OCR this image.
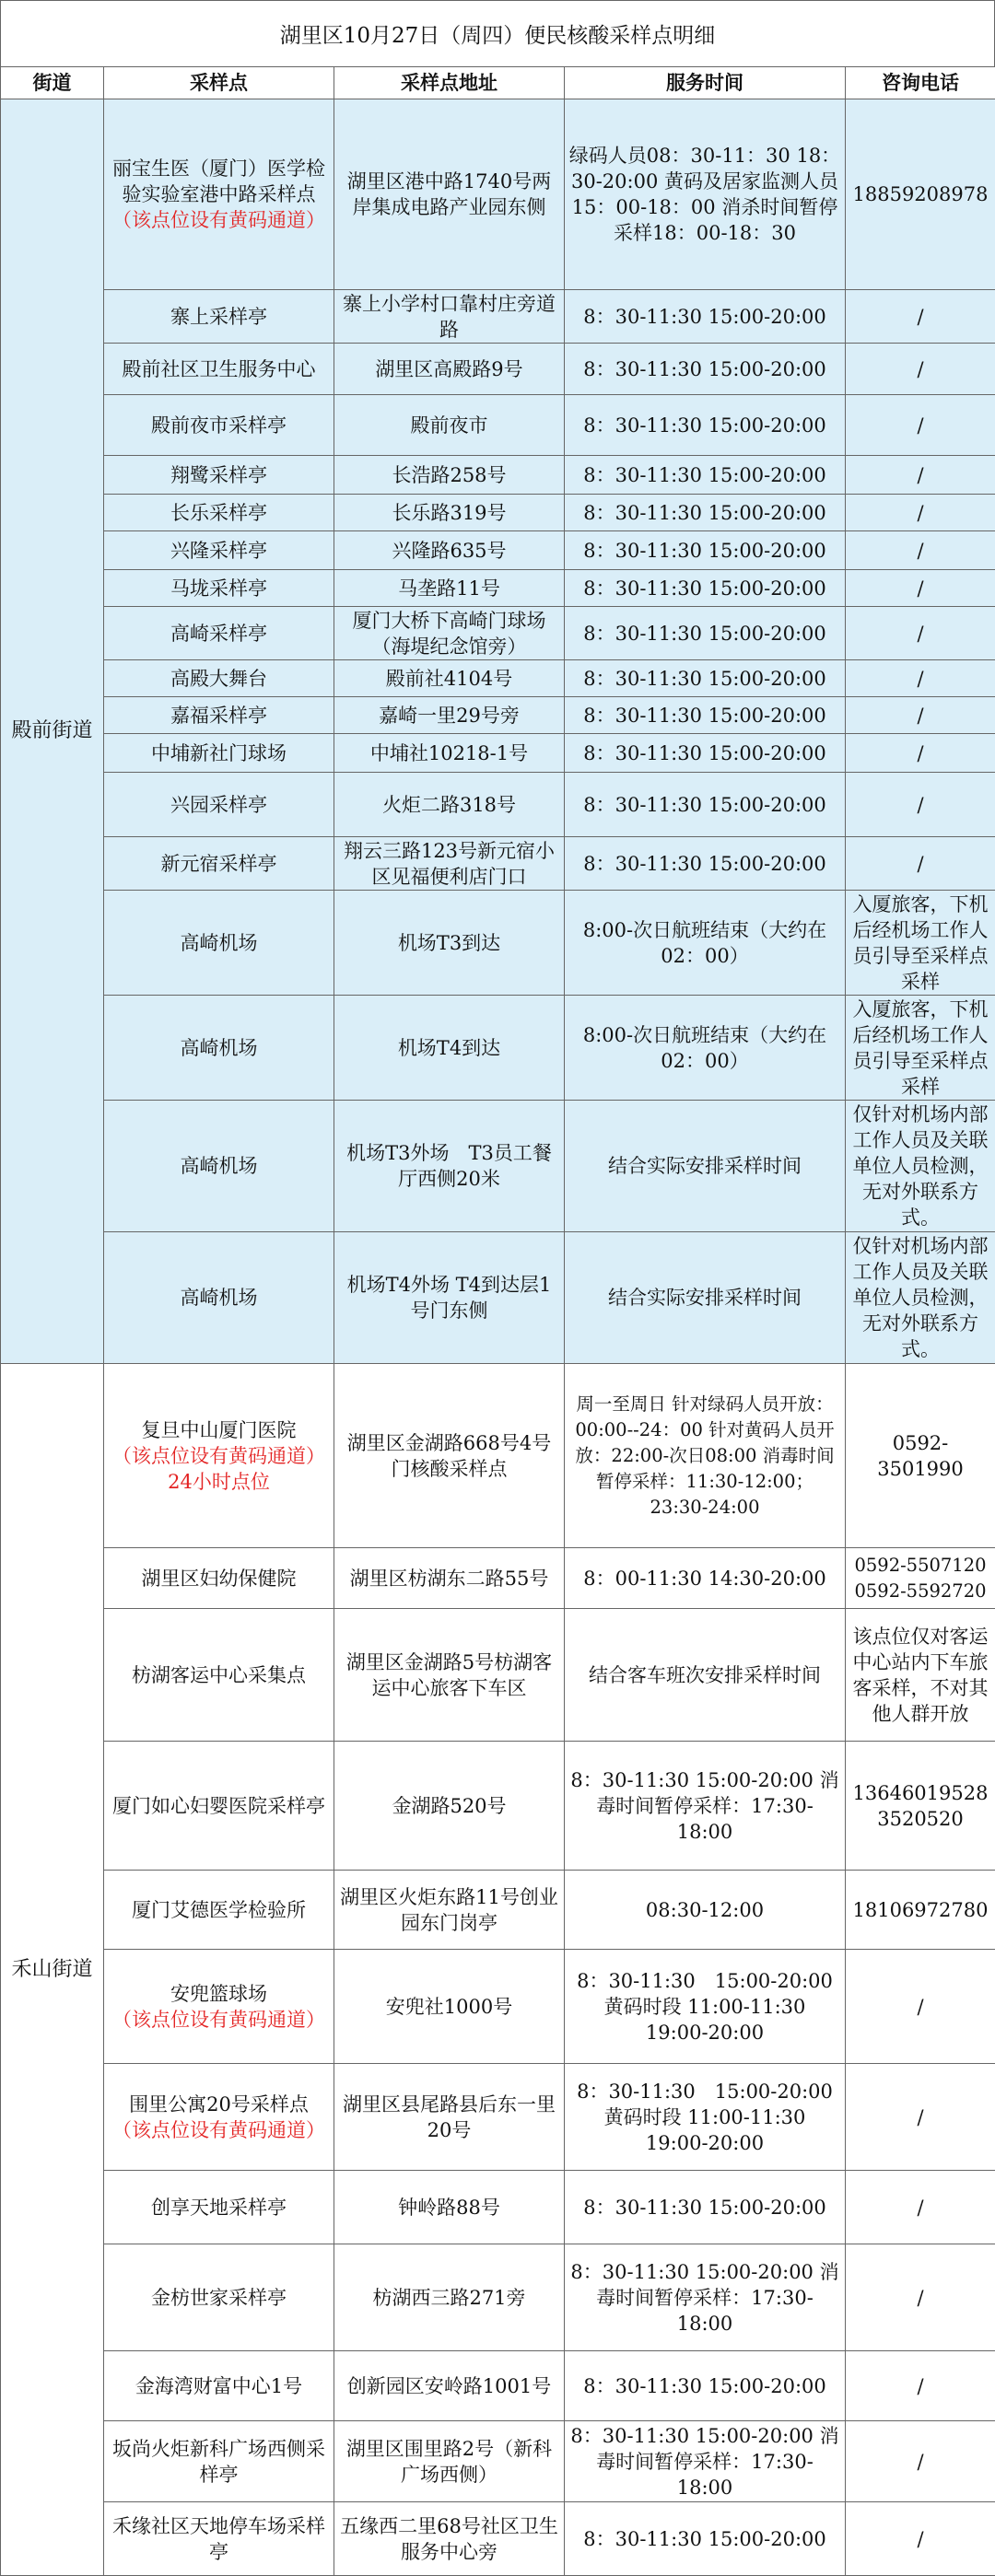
湖里区10月27日（周四）便民核酸采样点明细
街道	采样点	采样点地址	服务时间	咨询电话
殿前街道	丽宝生医（厦门）医学检验实验室港中路采样点
（该点位设有黄码通道）	湖里区港中路1740号两岸集成电路产业园东侧	绿码人员08：30-11：30 18：30-20:00 黄码及居家监测人员15：00-18：00 消杀时间暂停采样18：00-18：30	18859208978
	寨上采样亭	寨上小学村口靠村庄旁道路	8：30-11:30 15:00-20:00	/
	殿前社区卫生服务中心	湖里区高殿路9号	8：30-11:30 15:00-20:00	/
	殿前夜市采样亭	殿前夜市	8：30-11:30 15:00-20:00	/
	翔鹭采样亭	长浩路258号	8：30-11:30 15:00-20:00	/
	长乐采样亭	长乐路319号	8：30-11:30 15:00-20:00	/
	兴隆采样亭	兴隆路635号	8：30-11:30 15:00-20:00	/
	马垅采样亭	马垄路11号	8：30-11:30 15:00-20:00	/
	高崎采样亭	厦门大桥下高崎门球场（海堤纪念馆旁）	8：30-11:30 15:00-20:00	/
	高殿大舞台	殿前社4104号	8：30-11:30 15:00-20:00	/
	嘉福采样亭	嘉崎一里29号旁	8：30-11:30 15:00-20:00	/
	中埔新社门球场	中埔社10218-1号	8：30-11:30 15:00-20:00	/
	兴园采样亭	火炬二路318号	8：30-11:30 15:00-20:00	/
	新元宿采样亭	翔云三路123号新元宿小区见福便利店门口	8：30-11:30 15:00-20:00	/
	高崎机场	机场T3到达	8:00-次日航班结束（大约在02：00）	入厦旅客，下机后经机场工作人员引导至采样点采样
	高崎机场	机场T4到达	8:00-次日航班结束（大约在02：00）	入厦旅客，下机后经机场工作人员引导至采样点采样
	高崎机场	机场T3外场　T3员工餐厅西侧20米	结合实际安排采样时间	仅针对机场内部工作人员及关联单位人员检测，无对外联系方式。
	高崎机场	机场T4外场 T4到达层1号门东侧	结合实际安排采样时间	仅针对机场内部工作人员及关联单位人员检测，无对外联系方式。
禾山街道	复旦中山厦门医院
（该点位设有黄码通道）
24小时点位	湖里区金湖路668号4号门核酸采样点	周一至周日 针对绿码人员开放：00:00--24：00 针对黄码人员开放：22:00-次日08:00 消毒时间暂停采样：11:30-12:00；23:30-24:00	0592-3501990
	湖里区妇幼保健院	湖里区枋湖东二路55号	8：00-11:30 14:30-20:00	0592-5507120 0592-5592720
	枋湖客运中心采集点	湖里区金湖路5号枋湖客运中心旅客下车区	结合客车班次安排采样时间	该点位仅对客运中心站内下车旅客采样，不对其他人群开放
	厦门如心妇婴医院采样亭	金湖路520号	8：30-11:30 15:00-20:00 消毒时间暂停采样：17:30-18:00	13646019528 3520520
	厦门艾德医学检验所	湖里区火炬东路11号创业园东门岗亭	08:30-12:00	18106972780
	安兜篮球场
（该点位设有黄码通道）	安兜社1000号	8：30-11:30　15:00-20:00 黄码时段 11:00-11:30　19:00-20:00	/
	围里公寓20号采样点
（该点位设有黄码通道）	湖里区县尾路县后东一里20号	8：30-11:30　15:00-20:00 黄码时段 11:00-11:30　19:00-20:00	/
	创享天地采样亭	钟岭路88号	8：30-11:30 15:00-20:00	/
	金枋世家采样亭	枋湖西三路271旁	8：30-11:30 15:00-20:00 消毒时间暂停采样：17:30-18:00	/
	金海湾财富中心1号	创新园区安岭路1001号	8：30-11:30 15:00-20:00	/
	坂尚火炬新科广场西侧采样亭	湖里区围里路2号（新科广场西侧）	8：30-11:30 15:00-20:00 消毒时间暂停采样：17:30-18:00	/
	禾缘社区天地停车场采样亭	五缘西二里68号社区卫生服务中心旁	8：30-11:30 15:00-20:00	/
